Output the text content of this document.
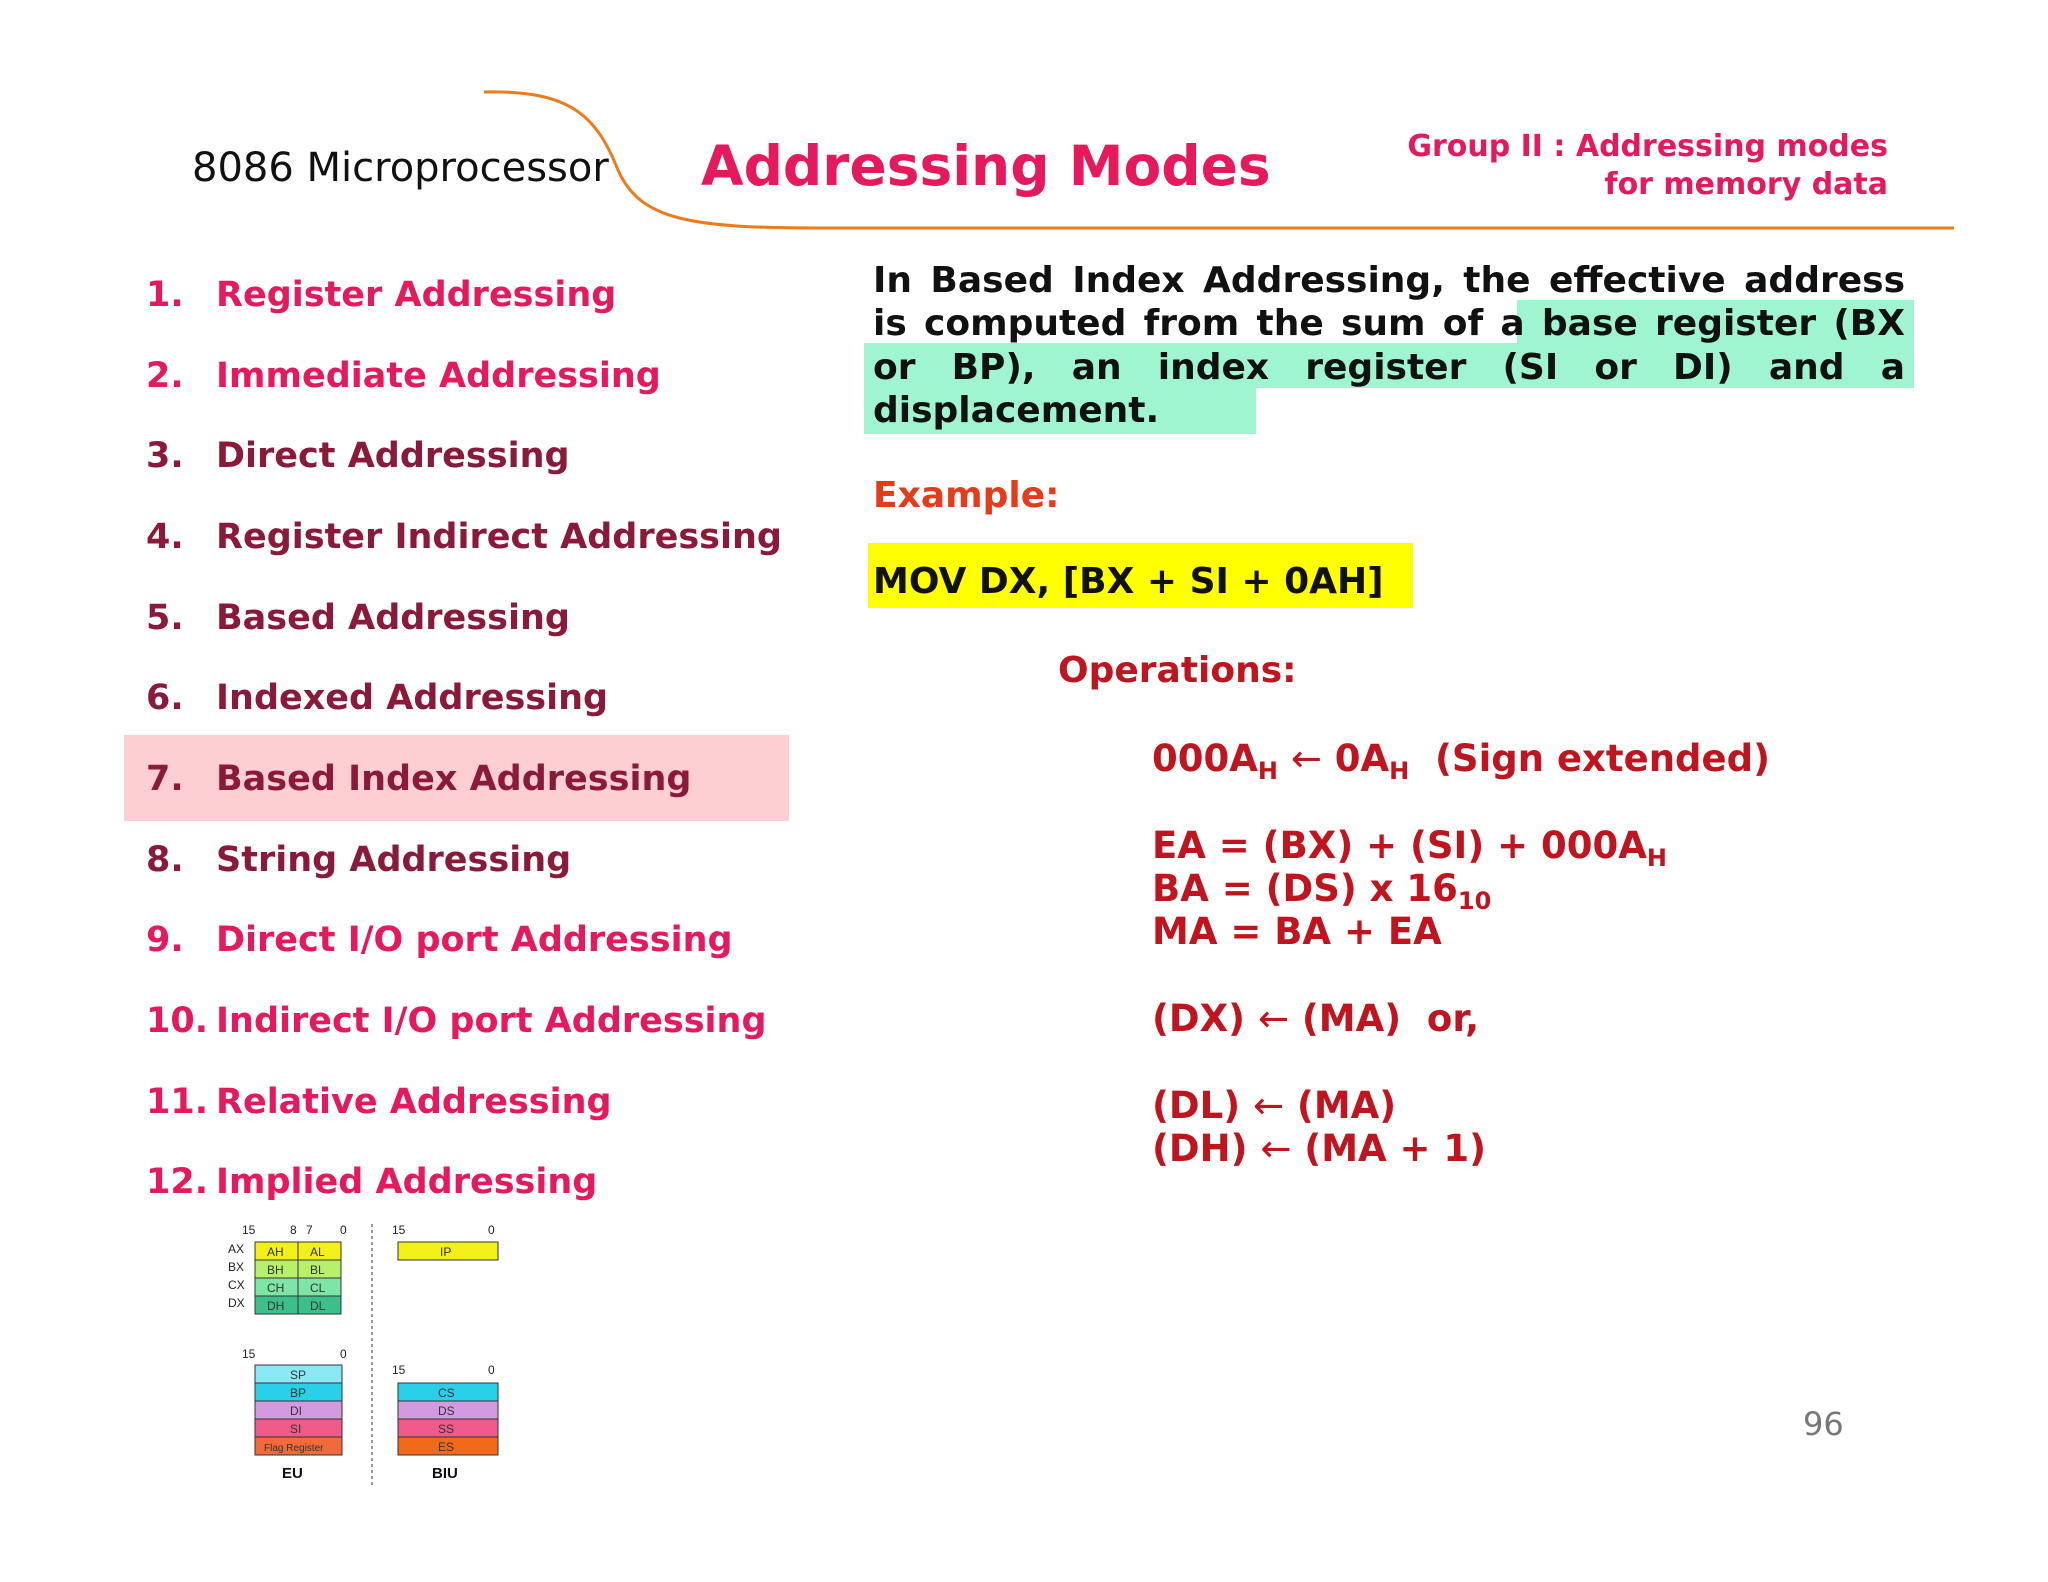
8086 Microprocessor Addressing Modes	Group II : Addressing modes
for memory data
1. Register Addressing
2. Immediate Addressing
3. Direct Addressing
4. Register Indirect Addressing
5. Based Addressing
6. Indexed Addressing
7. Based Index Addressing
8. String Addressing
9. Direct I/O port Addressing
10. Indirect I/O port Addressing
11. Relative Addressing
12. Implied Addressing
In Based Index Addressing, the effective address
is computed from the sum of a base register (BX
or BP), an index register (SI or DI) and a
displacement.
Example:
MOV DX, [BX + SI + 0AH]
Operations:
$000A_H$ ← $0A_H$ (Sign extended)
EA = $(BX) + (SI) + 000A_H$
BA = (DS) x $16_{10}$
MA = BA + EA
(DX) ← (MA)  or,
(DL) ← (MA)
(DH) ← (MA + 1)
96
15	8 7 0
AX AH AL
BX BH BL
CX CH CL
DX DH DL
15	0
IP
15	0
SP
BP
DI
SI
Flag Register
15	0
CS
DS
SS
ES
EU	BIU
